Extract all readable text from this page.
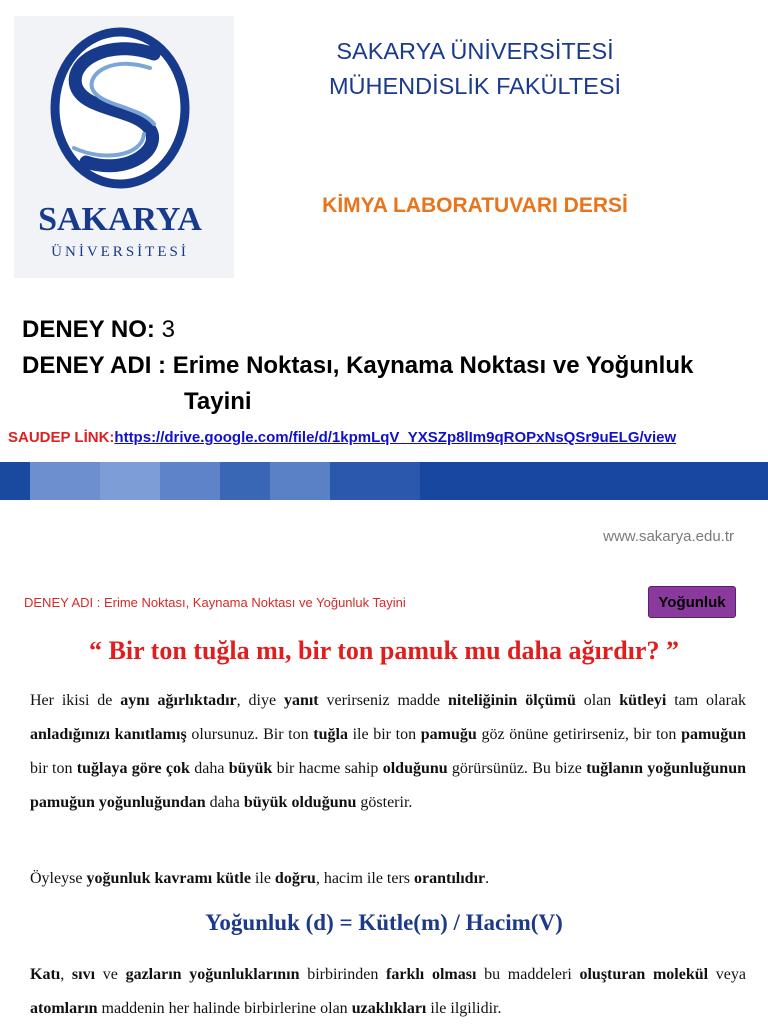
SAKARYA
ÜNİVERSİTESİ
SAKARYA ÜNİVERSİTESİ
MÜHENDİSLİK FAKÜLTESİ
KİMYA LABORATUVARI DERSİ
DENEY NO: 3
DENEY ADI : Erime Noktası, Kaynama Noktası ve Yoğunluk
Tayini
SAUDEP LİNK:https://drive.google.com/file/d/1kpmLqV_YXSZp8lIm9qROPxNsQSr9uELG/view
www.sakarya.edu.tr
DENEY ADI : Erime Noktası, Kaynama Noktası ve Yoğunluk Tayini	Yoğunluk
“ Bir ton tuğla mı, bir ton pamuk mu daha ağırdır? ”
Her ikisi de aynı ağırlıktadır, diye yanıt verirseniz madde niteliğinin ölçümü olan kütleyi tam olarak anladığınızı kanıtlamış olursunuz. Bir ton tuğla ile bir ton pamuğu göz önüne getirirseniz, bir ton pamuğun bir ton tuğlaya göre çok daha büyük bir hacme sahip olduğunu görürsünüz. Bu bize tuğlanın yoğunluğunun pamuğun yoğunluğundan daha büyük olduğunu gösterir.
Öyleyse yoğunluk kavramı kütle ile doğru, hacim ile ters orantılıdır.
Yoğunluk (d) = Kütle(m) / Hacim(V)
Katı, sıvı ve gazların yoğunluklarının birbirinden farklı olması bu maddeleri oluşturan molekül veya atomların maddenin her halinde birbirlerine olan uzaklıkları ile ilgilidir.
